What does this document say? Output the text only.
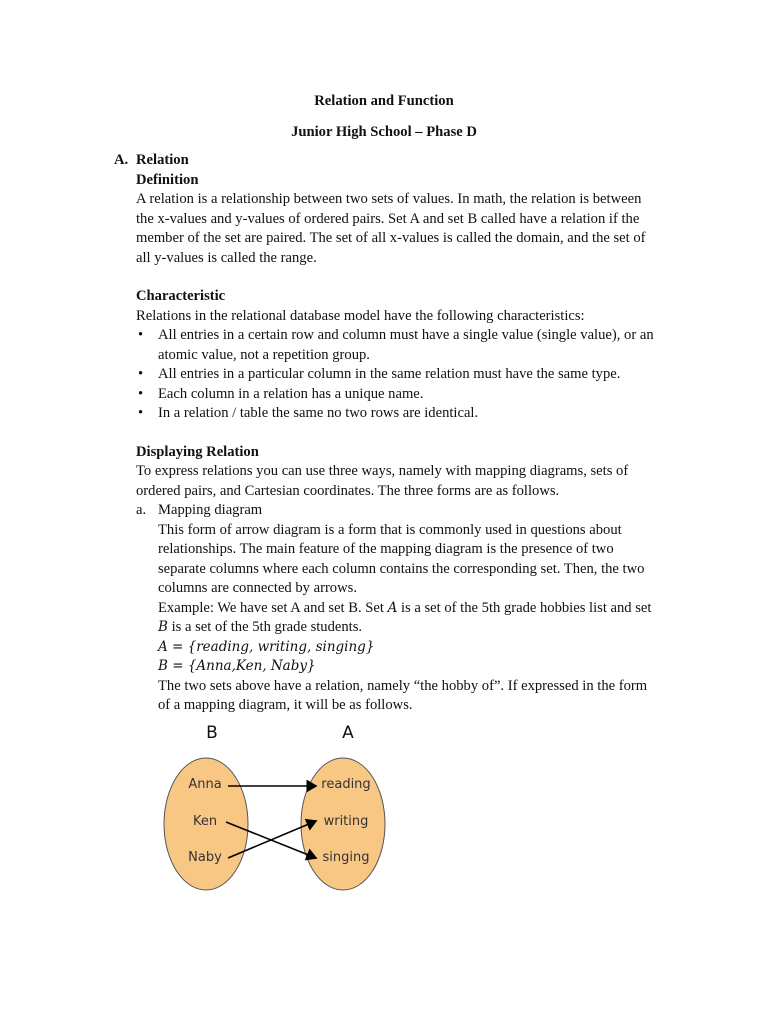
Relation and Function
Junior High School – Phase D
A. Relation
Definition

A relation is a relationship between two sets of values. In math, the relation is between

the x-values and y-values of ordered pairs. Set A and set B called have a relation if the

member of the set are paired. The set of all x-values is called the domain, and the set of

all y-values is called the range.

Characteristic

Relations in the relational database model have the following characteristics:

• All entries in a certain row and column must have a single value (single value), or an
atomic value, not a repetition group.
• All entries in a particular column in the same relation must have the same type.
• Each column in a relation has a unique name.
• In a relation / table the same no two rows are identical.
Displaying Relation

To express relations you can use three ways, namely with mapping diagrams, sets of

ordered pairs, and Cartesian coordinates. The three forms are as follows.

a. Mapping diagram

This form of arrow diagram is a form that is commonly used in questions about

relationships. The main feature of the mapping diagram is the presence of two

separate columns where each column contains the corresponding set. Then, the two

columns are connected by arrows.

Example: We have set A and set B. Set A is a set of the 5th grade hobbies list and set

B is a set of the 5th grade students.

A = {reading, writing, singing}

B = {Anna,Ken, Naby}

The two sets above have a relation, namely “the hobby of”. If expressed in the form

of a mapping diagram, it will be as follows.

B	A
Anna
Ken
Naby
reading
writing
singing
